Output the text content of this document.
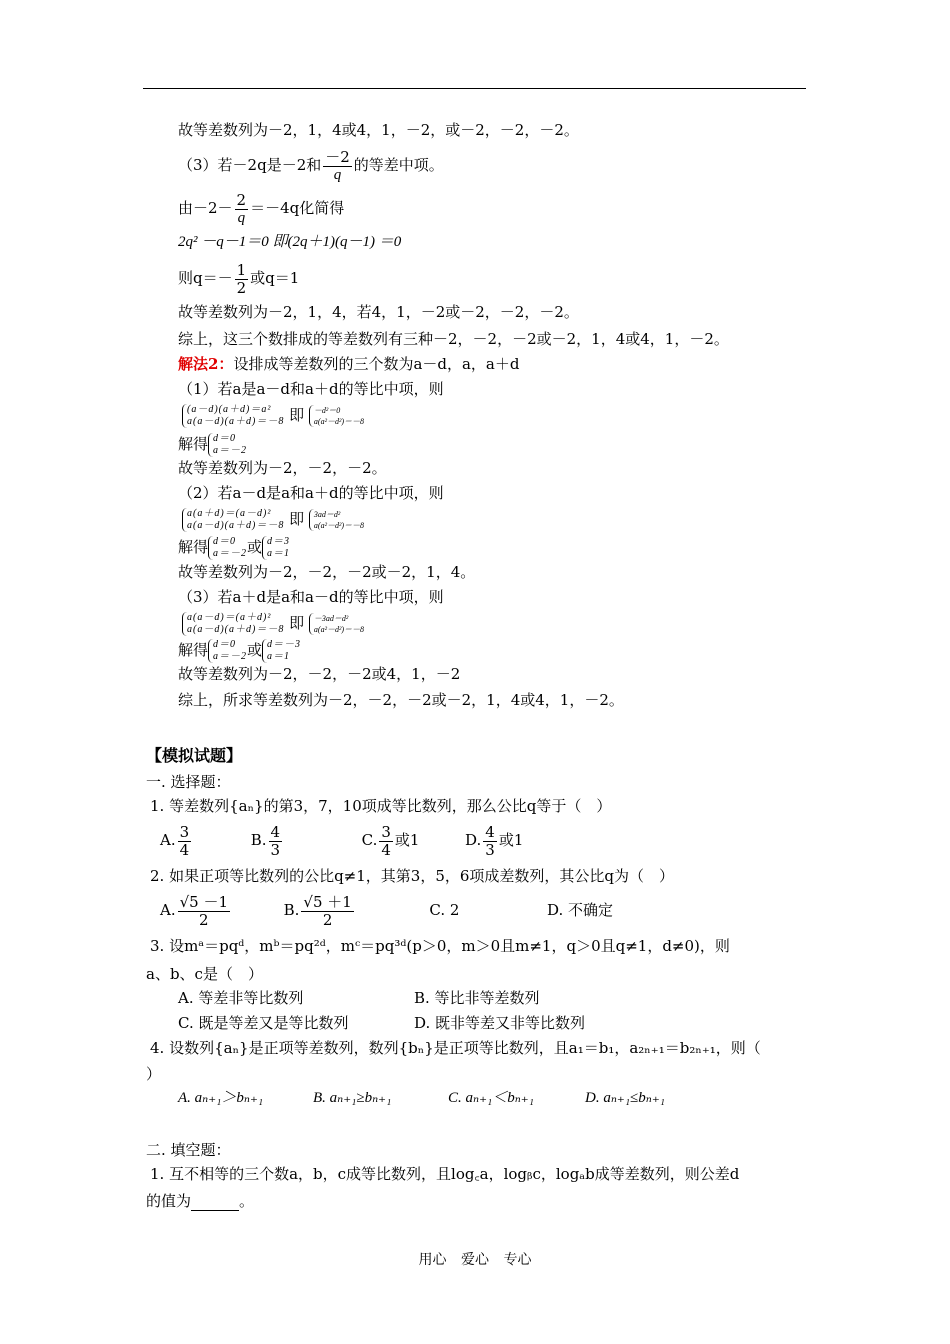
故等差数列为－2，1，4或4，1，－2，或－2，－2，－2。
（3）若－2q是－2和 $\frac{-2}{q}$ 的等差中项。
由$-2- \frac{2}{q} =-4q$化简得
2q² －q－1＝0 即(2q＋1)(q－1) ＝0
则$q=- \frac{1}{2}$ 或q＝1
故等差数列为－2，1，4，若4，1，－2或－2，－2，－2。
综上，这三个数排成的等差数列有三种－2，－2，－2或－2，1，4或4，1，－2。
解法2：设排成等差数列的三个数为a－d，a，a＋d
（1）若a是a－d和a＋d的等比中项，则
(a－d)(a＋d)＝a²
a(a－d)(a＋d)＝－8 即 －d²＝0
a(a²－d²)＝－8
解得 d＝0
a＝－2
故等差数列为－2，－2，－2。
（2）若a－d是a和a＋d的等比中项，则
a(a＋d)＝(a－d)²
a(a－d)(a＋d)＝－8 即 3ad＝d²
a(a²－d²)＝－8
解得 d＝0
a＝－2 或 d＝3
a＝1
故等差数列为－2，－2，－2或－2，1，4。
（3）若a＋d是a和a－d的等比中项，则
a(a－d)＝(a＋d)²
a(a－d)(a＋d)＝－8 即 －3ad＝d²
a(a²－d²)＝－8
解得 d＝0
a＝－2 或 d＝－3
a＝1
故等差数列为－2，－2，－2或4，1，－2
综上，所求等差数列为－2，－2，－2或－2，1，4或4，1，－2。
【模拟试题】
一. 选择题：
1. 等差数列{aₙ}的第3，7，10项成等比数列，那么公比q等于（　）
A. $\frac{3}{4}$	B. $\frac{4}{3}$	C. $\frac{3}{4}$ 或1	D. $\frac{4}{3}$ 或1
2. 如果正项等比数列的公比q≠1，其第3，5，6项成差数列，其公比q为（　）
A. $\frac{√5 -1}{2}$	B. $\frac{√5 +1}{2}$	C. 2	D. 不确定
3. 设mᵃ＝pqᵈ，mᵇ＝pq²ᵈ，mᶜ＝pq³ᵈ(p＞0，m＞0且m≠1，q＞0且q≠1，d≠0)，则
a、b、c是（　）
A. 等差非等比数列	B. 等比非等差数列
C. 既是等差又是等比数列	D. 既非等差又非等比数列
4. 设数列{aₙ}是正项等差数列，数列{bₙ}是正项等比数列，且a₁＝b₁，a₂ₙ₊₁＝b₂ₙ₊₁，则（
）
A. aₙ₊₁＞bₙ₊₁	B. aₙ₊₁≥bₙ₊₁	C. aₙ₊₁＜bₙ₊₁	D. aₙ₊₁≤bₙ₊₁
二. 填空题：
1. 互不相等的三个数a，b，c成等比数列，且log꜀a，logᵦc，logₐb成等差数列，则公差d
的值为	。
用心 爱心 专心
